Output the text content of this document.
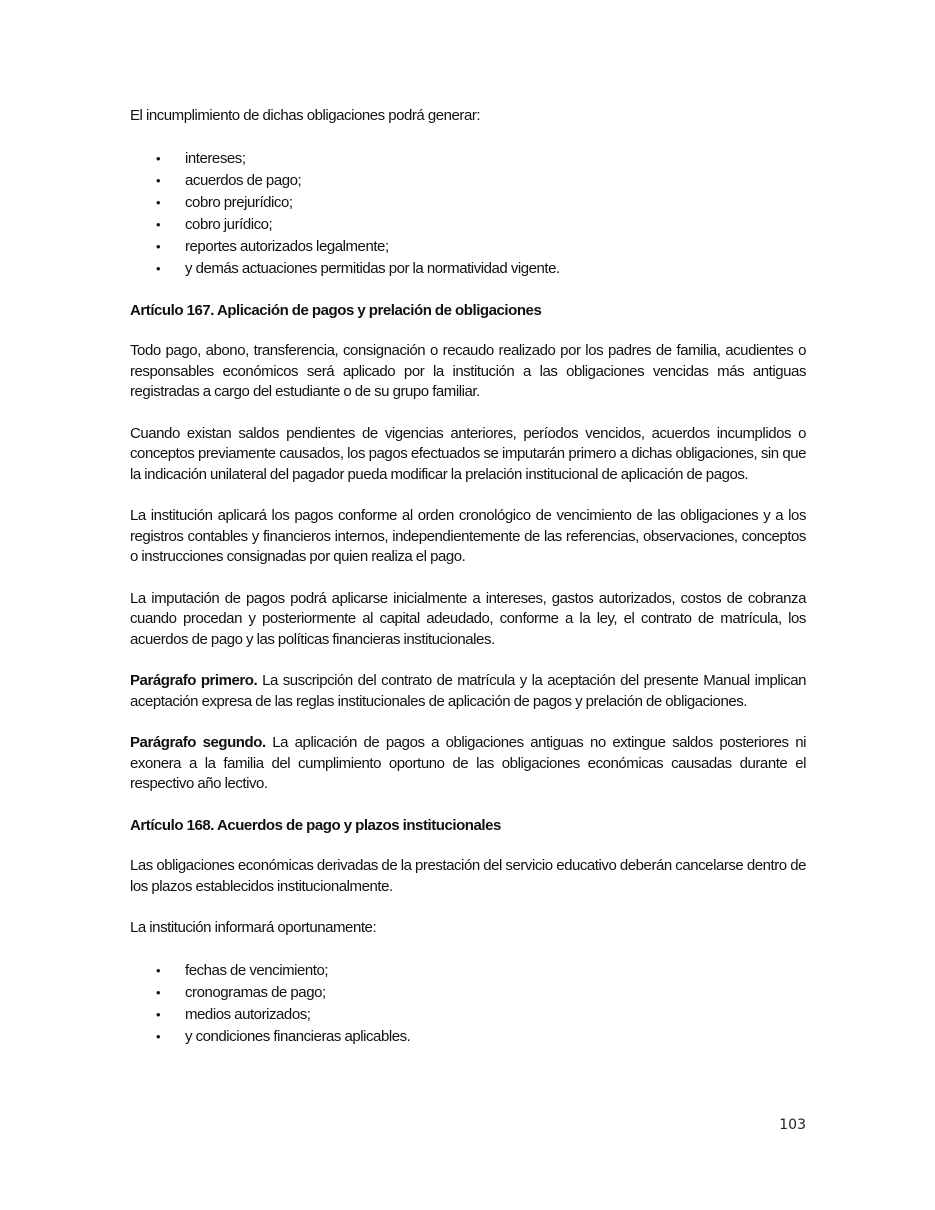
El incumplimiento de dichas obligaciones podrá generar:

• intereses;
• acuerdos de pago;
• cobro prejurídico;
• cobro jurídico;
• reportes autorizados legalmente;
• y demás actuaciones permitidas por la normatividad vigente.
Artículo 167. Aplicación de pagos y prelación de obligaciones

Todo pago, abono, transferencia, consignación o recaudo realizado por los padres de familia, acudientes o responsables económicos será aplicado por la institución a las obligaciones vencidas más antiguas registradas a cargo del estudiante o de su grupo familiar.

Cuando existan saldos pendientes de vigencias anteriores, períodos vencidos, acuerdos incumplidos o conceptos previamente causados, los pagos efectuados se imputarán primero a dichas obligaciones, sin que la indicación unilateral del pagador pueda modificar la prelación institucional de aplicación de pagos.

La institución aplicará los pagos conforme al orden cronológico de vencimiento de las obligaciones y a los registros contables y financieros internos, independientemente de las referencias, observaciones, conceptos o instrucciones consignadas por quien realiza el pago.

La imputación de pagos podrá aplicarse inicialmente a intereses, gastos autorizados, costos de cobranza cuando procedan y posteriormente al capital adeudado, conforme a la ley, el contrato de matrícula, los acuerdos de pago y las políticas financieras institucionales.

Parágrafo primero. La suscripción del contrato de matrícula y la aceptación del presente Manual implican aceptación expresa de las reglas institucionales de aplicación de pagos y prelación de obligaciones.

Parágrafo segundo. La aplicación de pagos a obligaciones antiguas no extingue saldos posteriores ni exonera a la familia del cumplimiento oportuno de las obligaciones económicas causadas durante el respectivo año lectivo.

Artículo 168. Acuerdos de pago y plazos institucionales

Las obligaciones económicas derivadas de la prestación del servicio educativo deberán cancelarse dentro de los plazos establecidos institucionalmente.

La institución informará oportunamente:

• fechas de vencimiento;
• cronogramas de pago;
• medios autorizados;
• y condiciones financieras aplicables.
103
